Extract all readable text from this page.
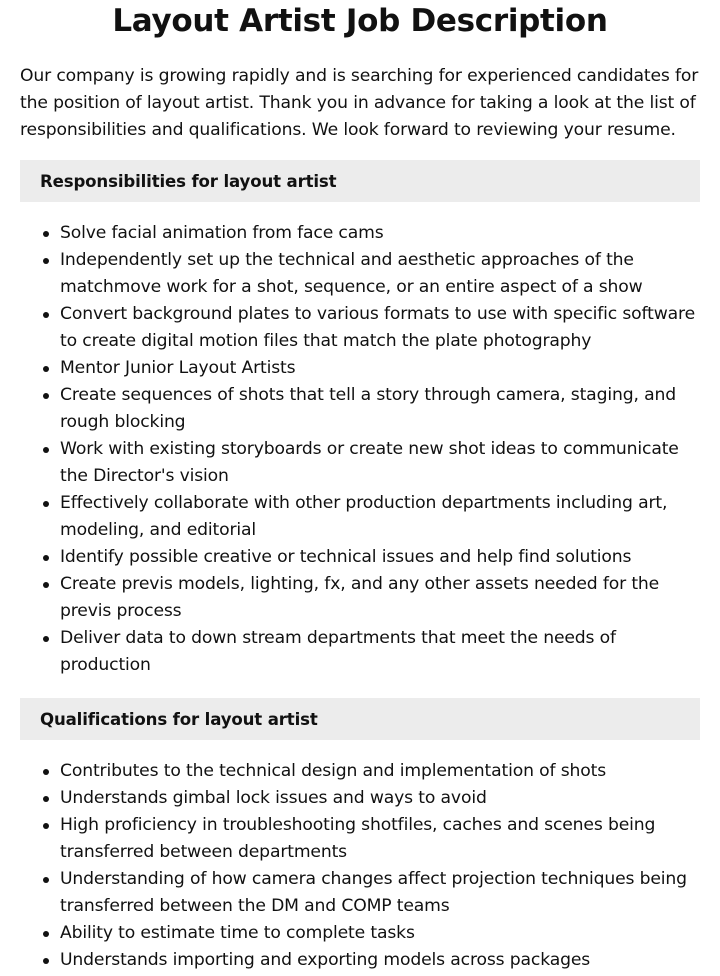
Layout Artist Job Description

Our company is growing rapidly and is searching for experienced candidates for the position of layout artist. Thank you in advance for taking a look at the list of responsibilities and qualifications. We look forward to reviewing your resume.

Responsibilities for layout artist
Solve facial animation from face cams
Independently set up the technical and aesthetic approaches of the matchmove work for a shot, sequence, or an entire aspect of a show
Convert background plates to various formats to use with specific software to create digital motion files that match the plate photography
Mentor Junior Layout Artists
Create sequences of shots that tell a story through camera, staging, and rough blocking
Work with existing storyboards or create new shot ideas to communicate the Director's vision
Effectively collaborate with other production departments including art, modeling, and editorial
Identify possible creative or technical issues and help find solutions
Create previs models, lighting, fx, and any other assets needed for the previs process
Deliver data to down stream departments that meet the needs of production
Qualifications for layout artist
Contributes to the technical design and implementation of shots
Understands gimbal lock issues and ways to avoid
High proficiency in troubleshooting shotfiles, caches and scenes being transferred between departments
Understanding of how camera changes affect projection techniques being transferred between the DM and COMP teams
Ability to estimate time to complete tasks
Understands importing and exporting models across packages
